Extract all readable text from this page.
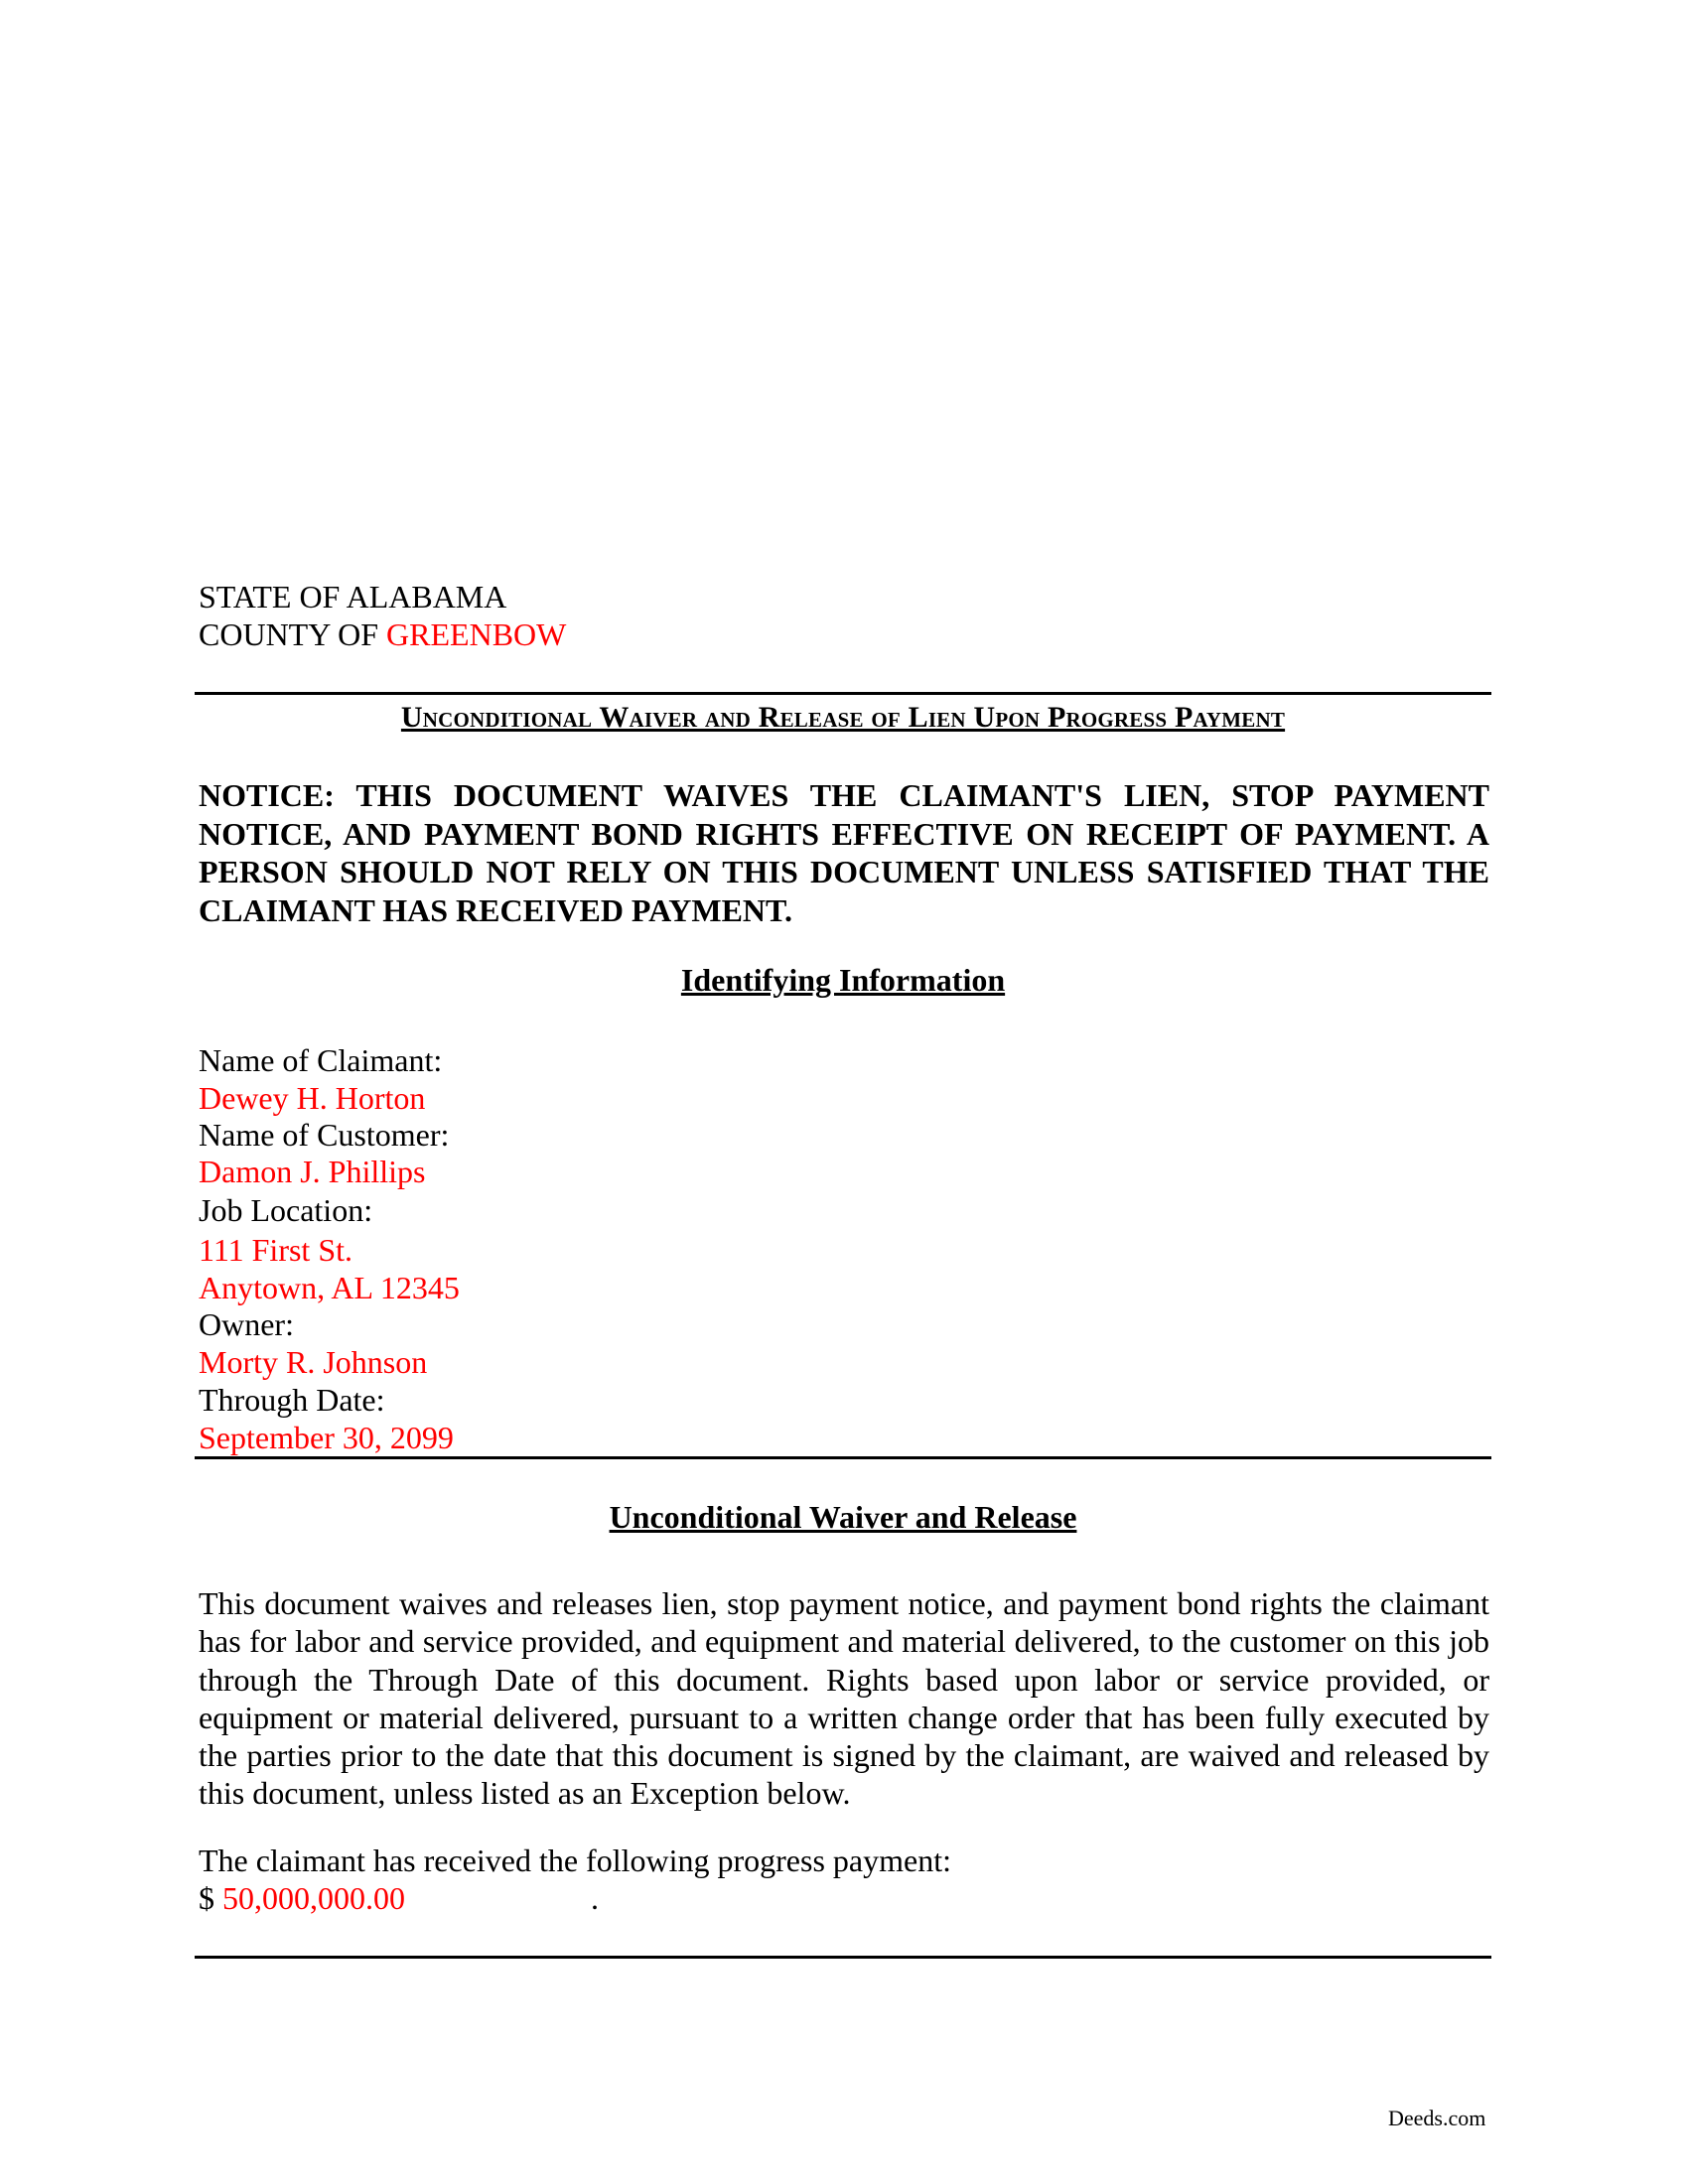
STATE OF ALABAMA
COUNTY OF GREENBOW
Unconditional Waiver and Release of Lien Upon Progress Payment
NOTICE: THIS DOCUMENT WAIVES THE CLAIMANT'S LIEN, STOP PAYMENT NOTICE, AND PAYMENT BOND RIGHTS EFFECTIVE ON RECEIPT OF PAYMENT. A PERSON SHOULD NOT RELY ON THIS DOCUMENT UNLESS SATISFIED THAT THE CLAIMANT HAS RECEIVED PAYMENT.
Identifying Information
Name of Claimant:
Dewey H. Horton
Name of Customer:
Damon J. Phillips
Job Location:
111 First St.
Anytown, AL 12345
Owner:
Morty R. Johnson
Through Date:
September 30, 2099
Unconditional Waiver and Release
This document waives and releases lien, stop payment notice, and payment bond rights the claimant has for labor and service provided, and equipment and material delivered, to the customer on this job through the Through Date of this document. Rights based upon labor or service provided, or equipment or material delivered, pursuant to a written change order that has been fully executed by the parties prior to the date that this document is signed by the claimant, are waived and released by this document, unless listed as an Exception below.
The claimant has received the following progress payment:
$ 50,000,000.00	.
Deeds.com
